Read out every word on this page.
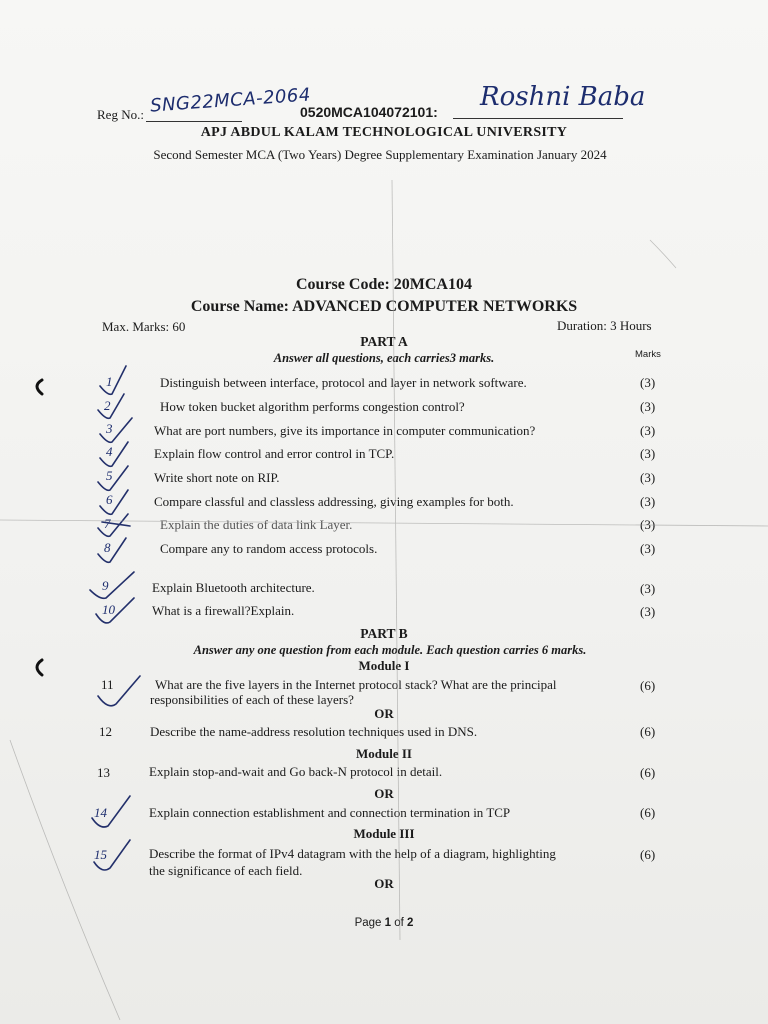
Reg No.: SNG22MCA-2064
0520MCA104072101: Roshni Baba
APJ ABDUL KALAM TECHNOLOGICAL UNIVERSITY
Second Semester MCA (Two Years) Degree Supplementary Examination January 2024
Course Code: 20MCA104
Course Name: ADVANCED COMPUTER NETWORKS
Max. Marks: 60	Duration: 3 Hours
PART A
Answer all questions, each carries3 marks.	Marks
Distinguish between interface, protocol and layer in network software.	(3)
How token bucket algorithm performs congestion control?	(3)
What are port numbers, give its importance in computer communication?	(3)
Explain flow control and error control in TCP.	(3)
Write short note on RIP.	(3)
Compare classful and classless addressing, giving examples for both.	(3)
Explain the duties of data link Layer.	(3)
Compare any to random access protocols.	(3)
Explain Bluetooth architecture.	(3)
What is a firewall?Explain.	(3)
1
2
3
4
5
6
7
8
9
10
PART B
Answer any one question from each module. Each question carries 6 marks.
Module I
11	What are the five layers in the Internet protocol stack? What are the principal
responsibilities of each of these layers?
(6)
OR
12	Describe the name-address resolution techniques used in DNS.	(6)
Module II
13	Explain stop-and-wait and Go back-N protocol in detail.	(6)
OR
14	Explain connection establishment and connection termination in TCP	(6)
Module III
15	Describe the format of IPv4 datagram with the help of a diagram, highlighting
the significance of each field.
(6)
OR
Page 1 of 2
